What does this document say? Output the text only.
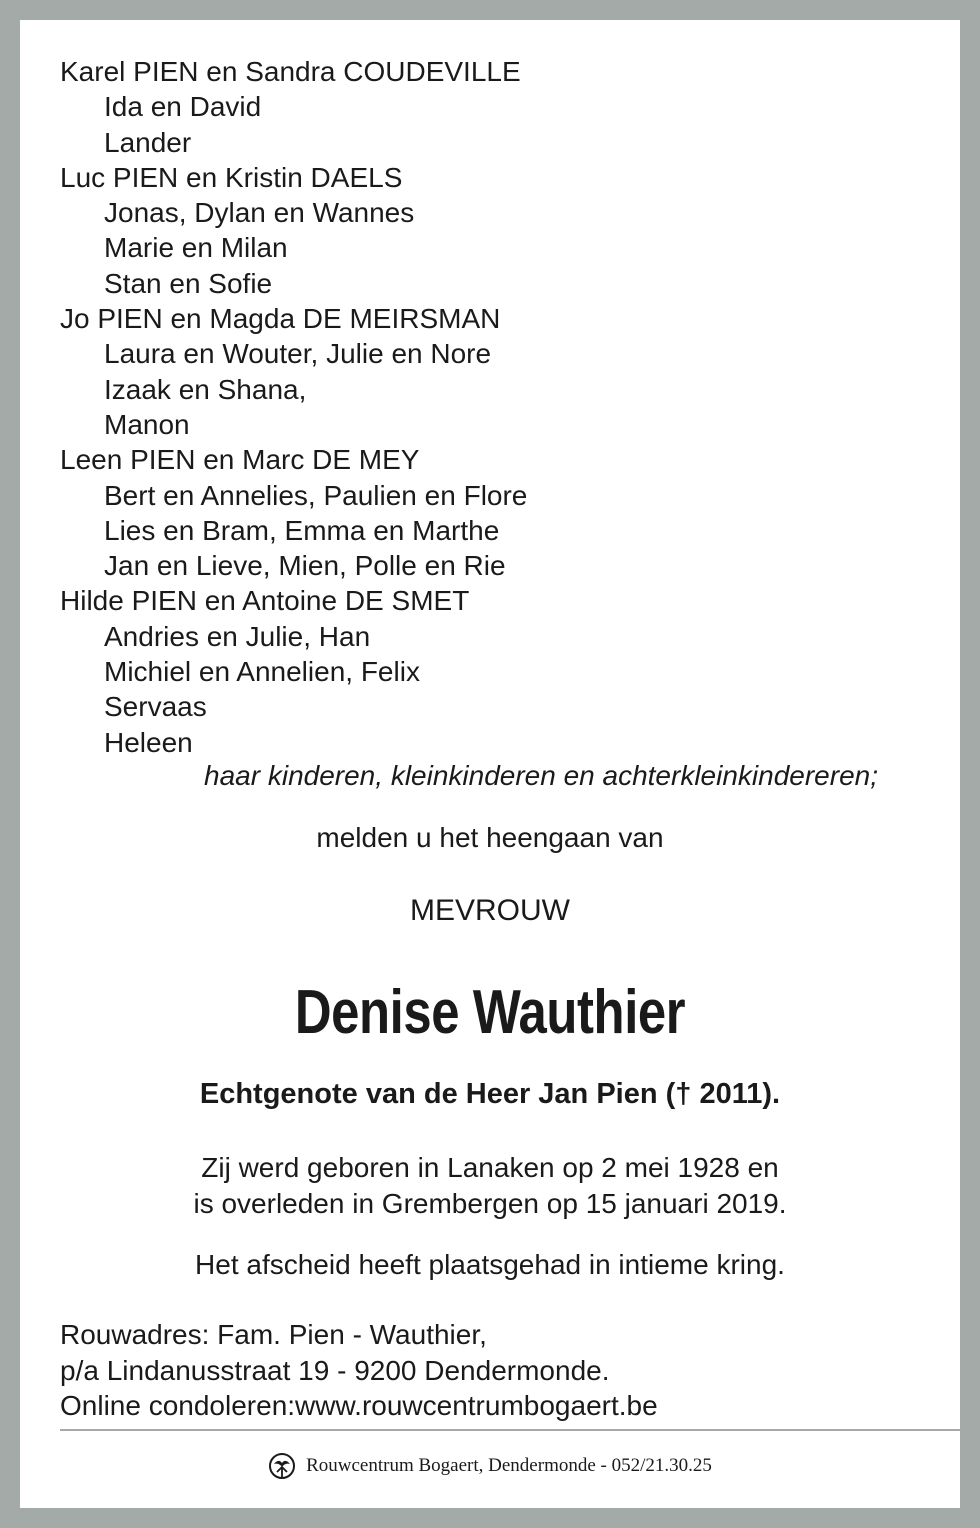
Karel PIEN en Sandra COUDEVILLE
Ida en David
Lander
Luc PIEN en Kristin DAELS
Jonas, Dylan en Wannes
Marie en Milan
Stan en Sofie
Jo PIEN en Magda DE MEIRSMAN
Laura en Wouter, Julie en Nore
Izaak en Shana,
Manon
Leen PIEN en Marc DE MEY
Bert en Annelies, Paulien en Flore
Lies en Bram, Emma en Marthe
Jan en Lieve, Mien, Polle en Rie
Hilde PIEN en Antoine DE SMET
Andries en Julie, Han
Michiel en Annelien, Felix
Servaas
Heleen
haar kinderen, kleinkinderen en achterkleinkindereren;
melden u het heengaan van
MEVROUW
Denise Wauthier
Echtgenote van de Heer Jan Pien († 2011).
Zij werd geboren in Lanaken op 2 mei 1928 en
is overleden in Grembergen op 15 januari 2019.
Het afscheid heeft plaatsgehad in intieme kring.
Rouwadres: Fam. Pien - Wauthier,
p/a Lindanusstraat 19 - 9200 Dendermonde.
Online condoleren:www.rouwcentrumbogaert.be
Rouwcentrum Bogaert, Dendermonde - 052/21.30.25
